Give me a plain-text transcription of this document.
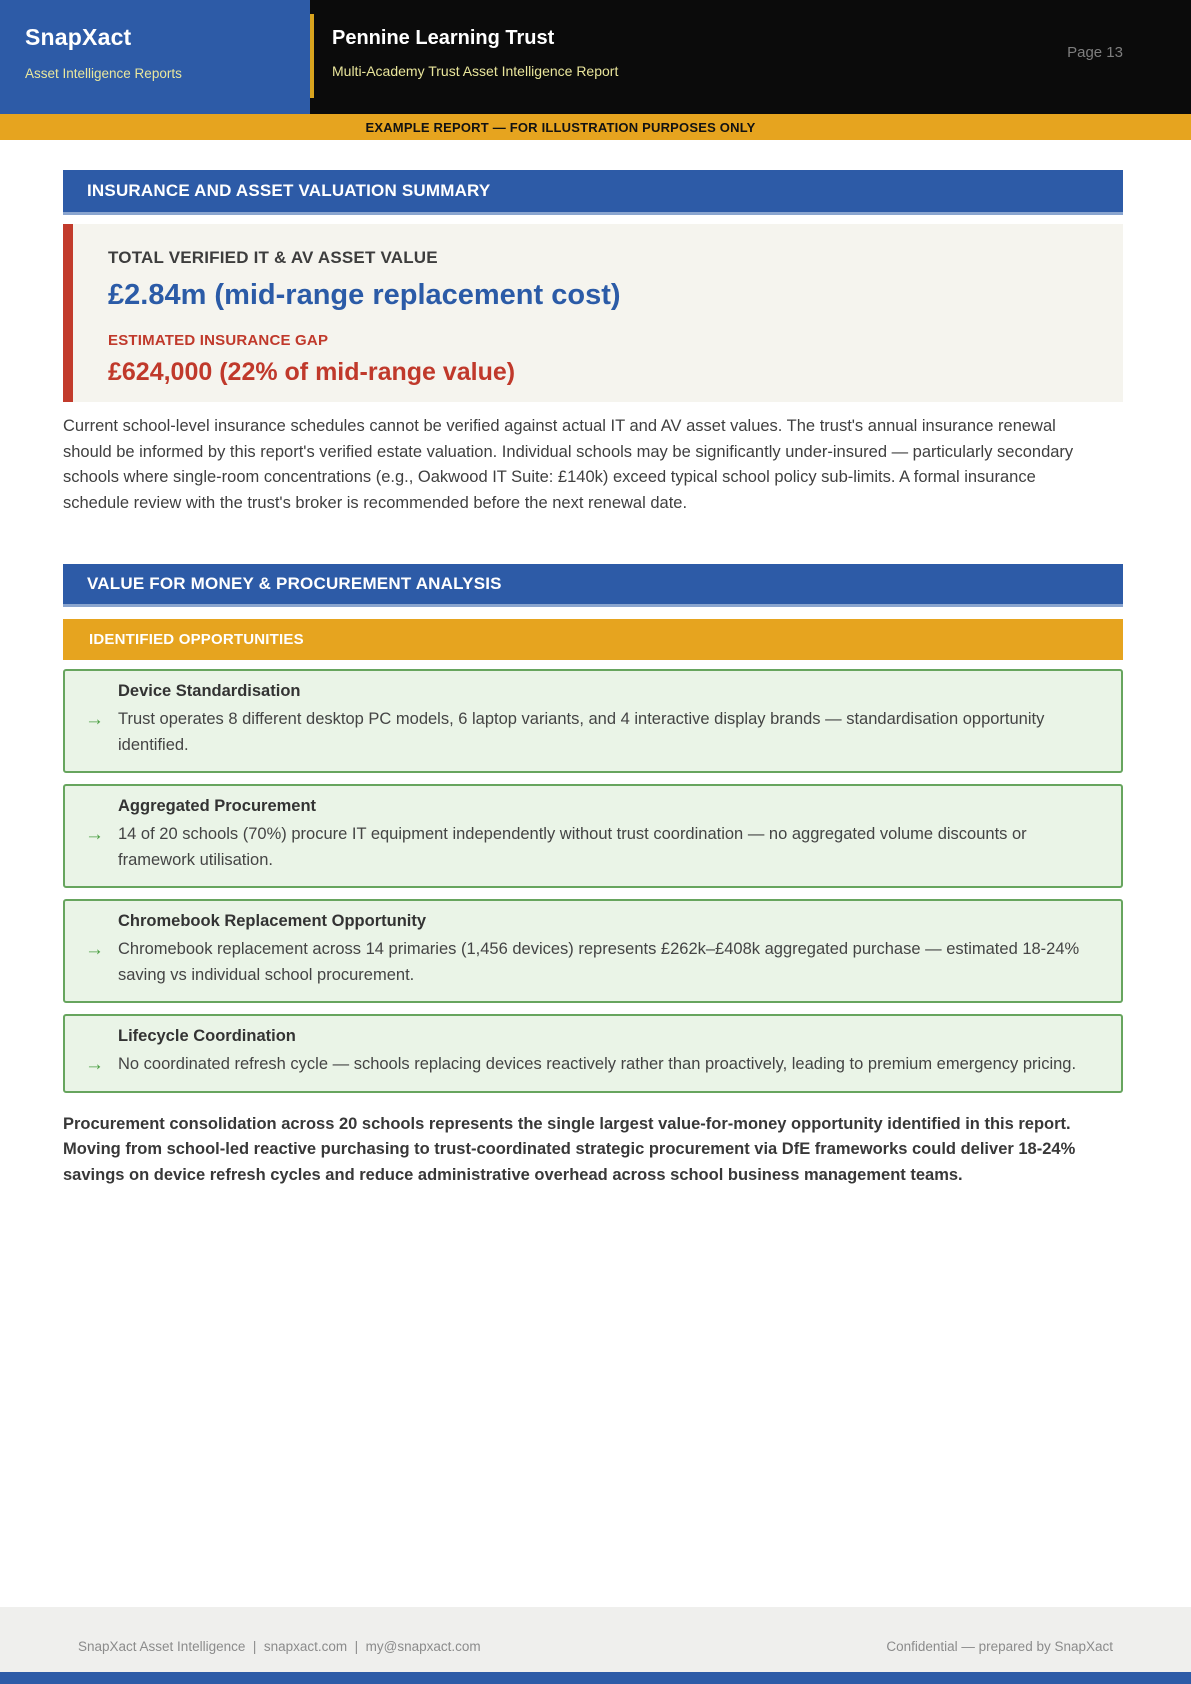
SnapXact
Asset Intelligence Reports
Pennine Learning Trust
Multi-Academy Trust Asset Intelligence Report
Page 13
EXAMPLE REPORT — FOR ILLUSTRATION PURPOSES ONLY
INSURANCE AND ASSET VALUATION SUMMARY
TOTAL VERIFIED IT & AV ASSET VALUE
£2.84m (mid-range replacement cost)
ESTIMATED INSURANCE GAP
£624,000 (22% of mid-range value)

Current school-level insurance schedules cannot be verified against actual IT and AV asset values. The trust's annual insurance renewal should be informed by this report's verified estate valuation. Individual schools may be significantly under-insured — particularly secondary schools where single-room concentrations (e.g., Oakwood IT Suite: £140k) exceed typical school policy sub-limits. A formal insurance schedule review with the trust's broker is recommended before the next renewal date.

VALUE FOR MONEY & PROCUREMENT ANALYSIS
IDENTIFIED OPPORTUNITIES
Device Standardisation
→ Trust operates 8 different desktop PC models, 6 laptop variants, and 4 interactive display brands — standardisation opportunity identified.
Aggregated Procurement
→ 14 of 20 schools (70%) procure IT equipment independently without trust coordination — no aggregated volume discounts or framework utilisation.
Chromebook Replacement Opportunity
→ Chromebook replacement across 14 primaries (1,456 devices) represents £262k–£408k aggregated purchase — estimated 18-24% saving vs individual school procurement.
Lifecycle Coordination
→ No coordinated refresh cycle — schools replacing devices reactively rather than proactively, leading to premium emergency pricing.

Procurement consolidation across 20 schools represents the single largest value-for-money opportunity identified in this report. Moving from school-led reactive purchasing to trust-coordinated strategic procurement via DfE frameworks could deliver 18-24% savings on device refresh cycles and reduce administrative overhead across school business management teams.

SnapXact Asset Intelligence  |  snapxact.com  |  my@snapxact.com	Confidential — prepared by SnapXact
